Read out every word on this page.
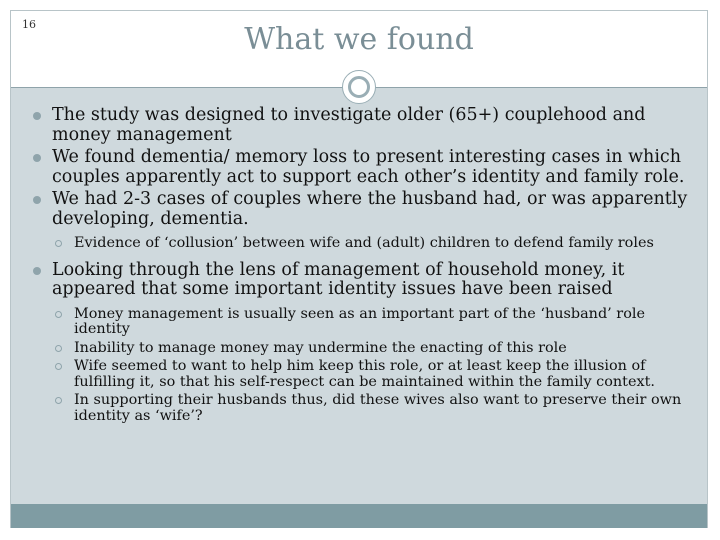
16	What we found
The study was designed to investigate older (65+) couplehood and money management
We found dementia/ memory loss to present interesting cases in which couples apparently act to support each other’s identity and family role.
We had 2-3 cases of couples where the husband had, or was apparently developing, dementia.
Evidence of ‘collusion’ between wife and (adult) children to defend family roles
Looking through the lens of management of household money, it appeared that some important identity issues have been raised
Money management is usually seen as an important part of the ‘husband’ role identity
Inability to manage money may undermine the enacting of this role
Wife seemed to want to help him keep this role, or at least keep the illusion of fulfilling it, so that his self-respect can be maintained within the family context.
In supporting their husbands thus, did these wives also want to preserve their own identity as ‘wife’?
